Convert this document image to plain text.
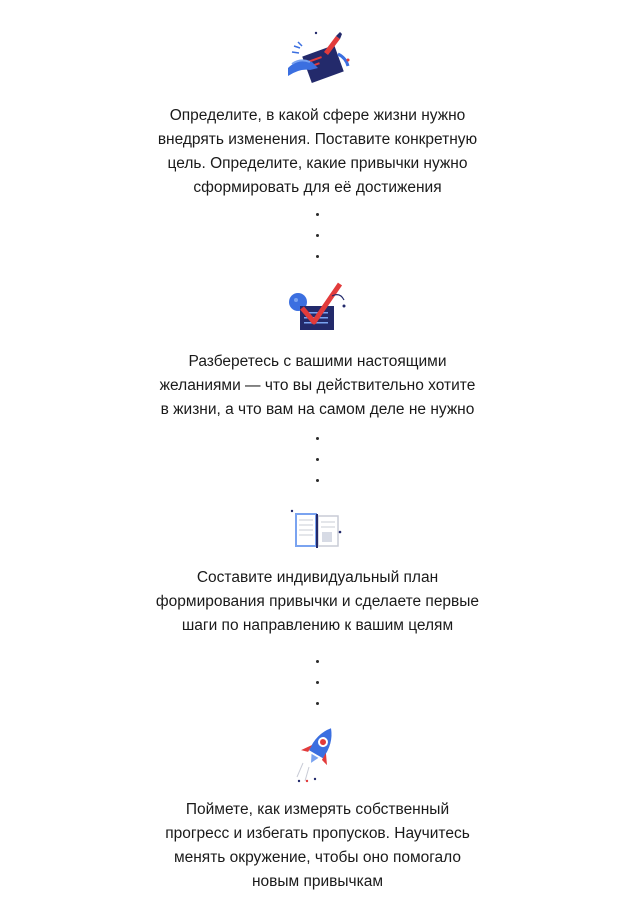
Определите, в какой сфере жизни нужно
внедрять изменения. Поставите конкретную
цель. Определите, какие привычки нужно
сформировать для её достижения
Разберетесь с вашими настоящими
желаниями — что вы действительно хотите
в жизни, а что вам на самом деле не нужно
Составите индивидуальный план
формирования привычки и сделаете первые
шаги по направлению к вашим целям
Поймете, как измерять собственный
прогресс и избегать пропусков. Научитесь
менять окружение, чтобы оно помогало
новым привычкам
